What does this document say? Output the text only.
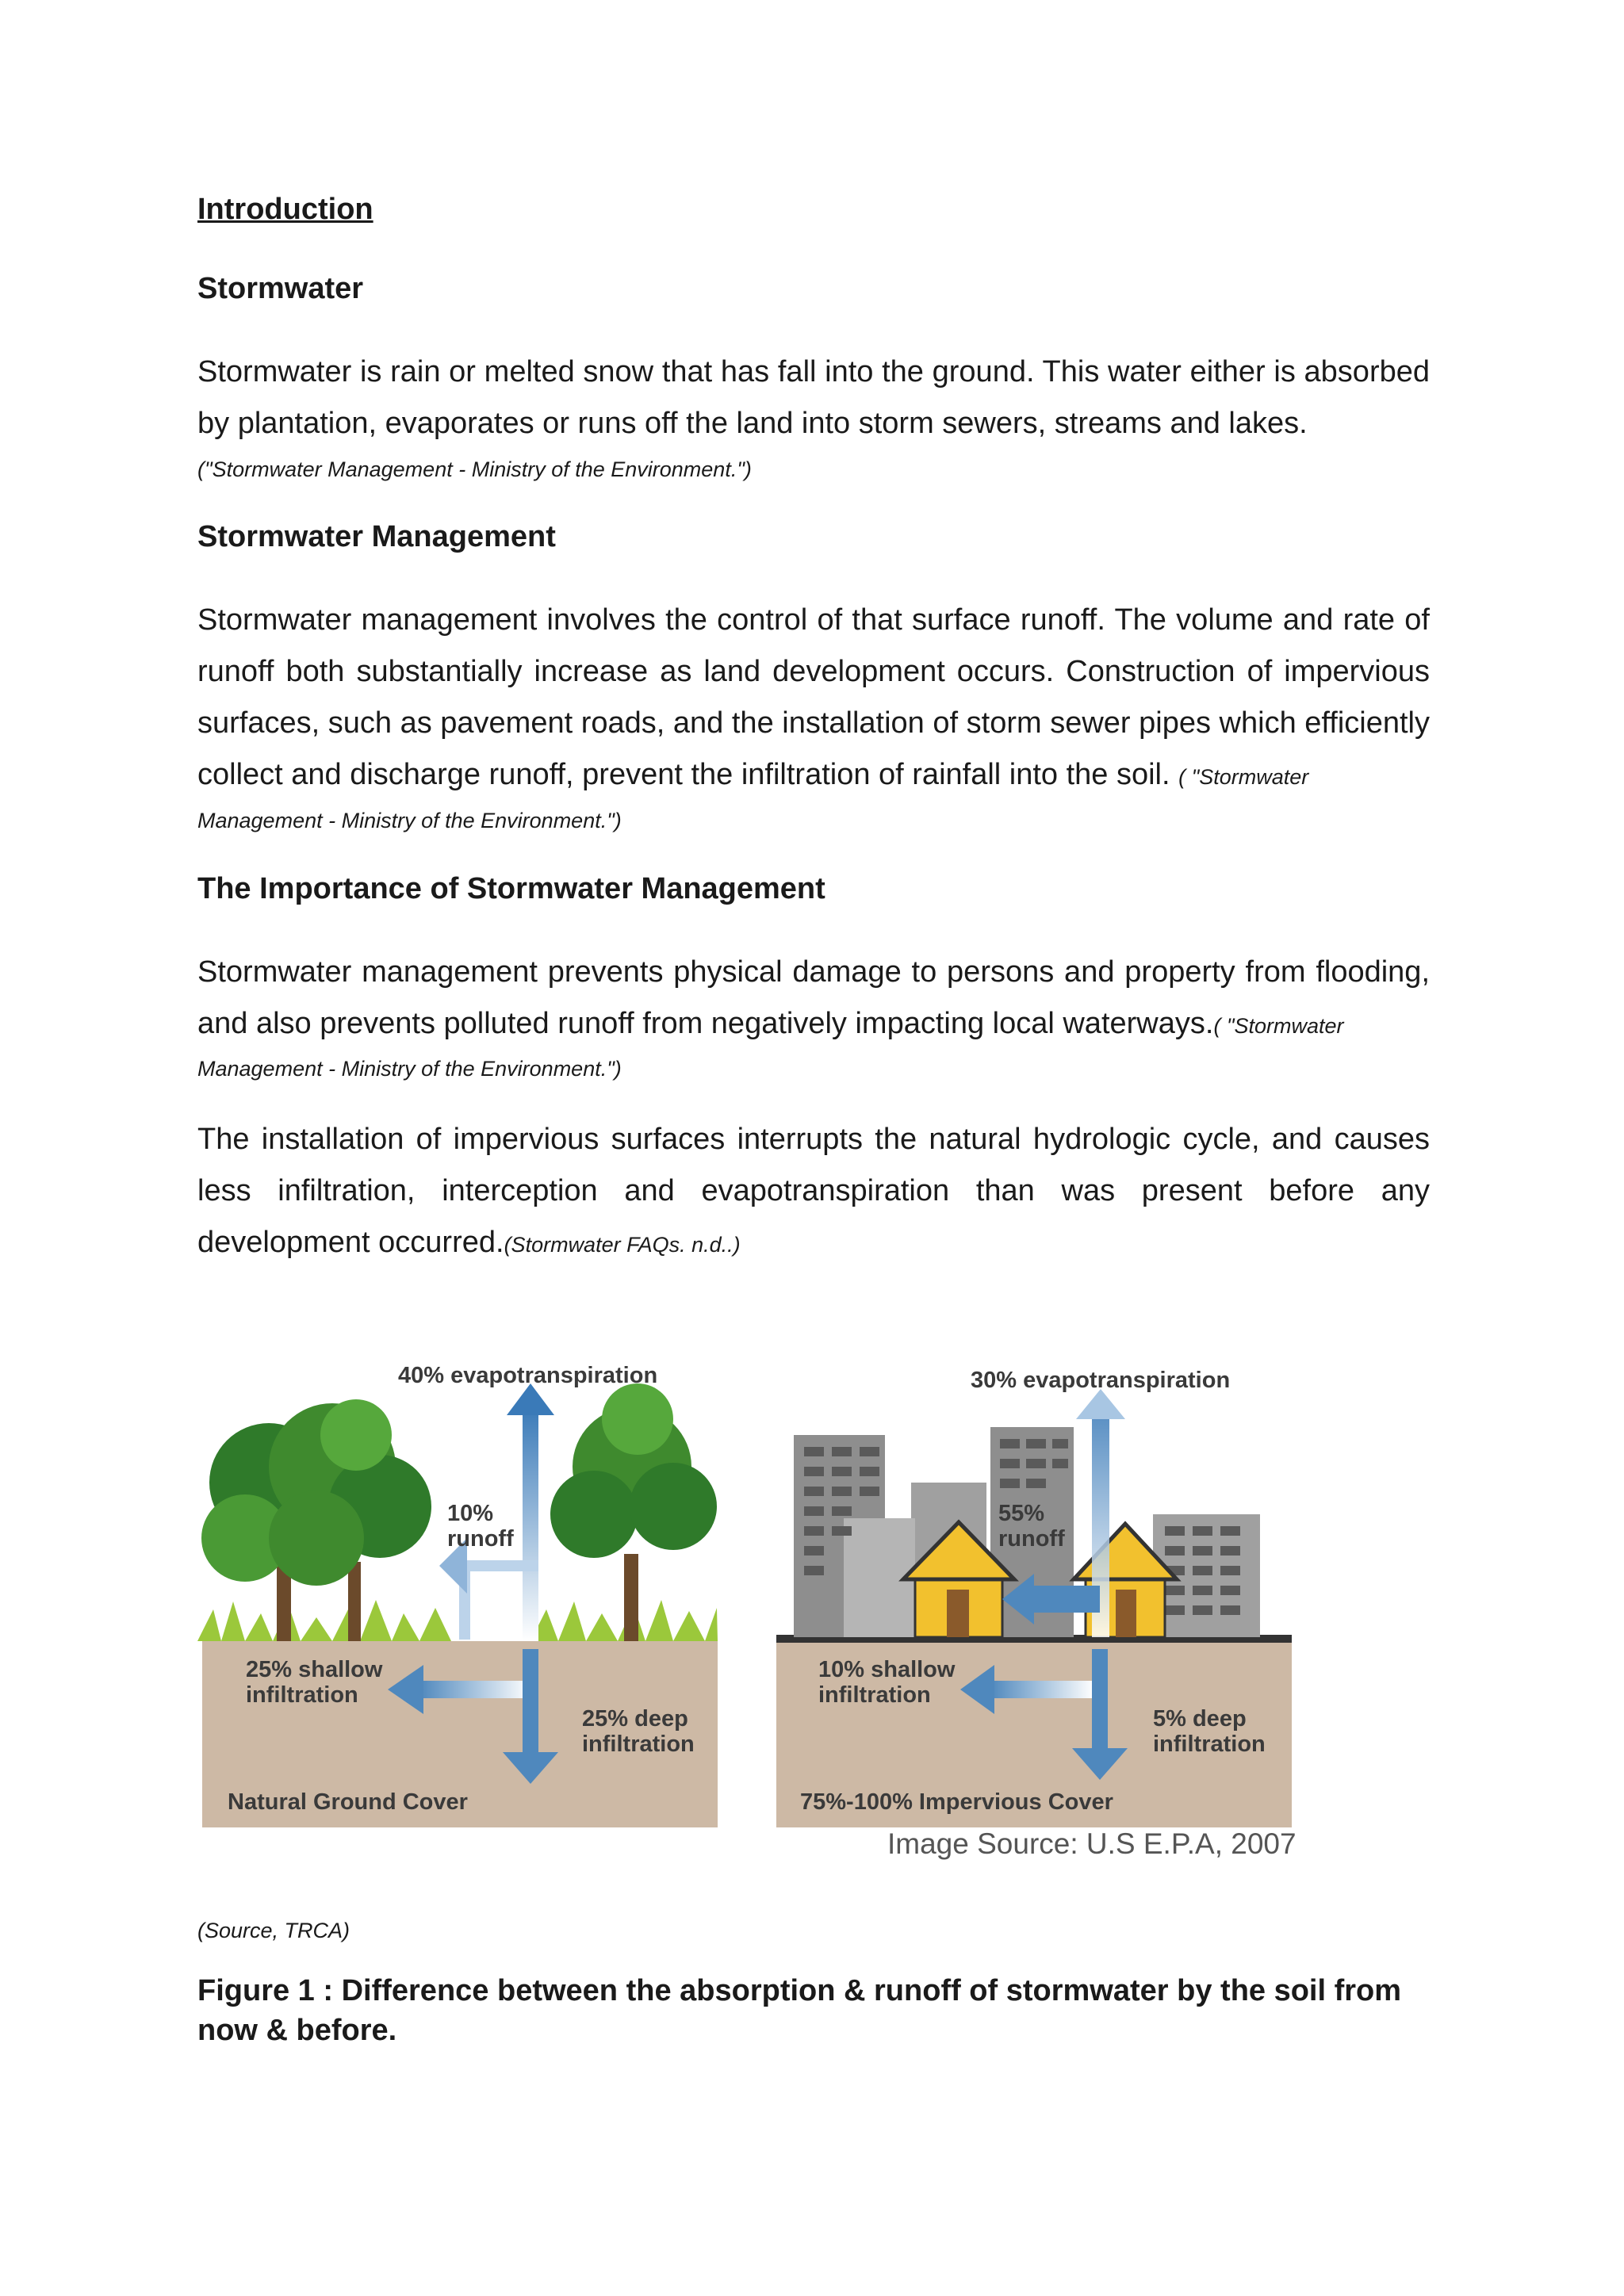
Introduction
Stormwater
Stormwater is rain or melted snow that has fall into the ground. This water either is absorbed by plantation, evaporates or runs off the land into storm sewers, streams and lakes.
("Stormwater Management - Ministry of the Environment.")
Stormwater Management
Stormwater management involves the control of that surface runoff. The volume and rate of runoff both substantially increase as land development occurs. Construction of impervious surfaces, such as pavement roads, and the installation of storm sewer pipes which efficiently collect and discharge runoff, prevent the infiltration of rainfall into the soil. ( "Stormwater
Management - Ministry of the Environment.")
The Importance of Stormwater Management
Stormwater management prevents physical damage to persons and property from flooding, and also prevents polluted runoff from negatively impacting local waterways.( "Stormwater
Management - Ministry of the Environment.")
The installation of impervious surfaces interrupts the natural hydrologic cycle, and causes less infiltration, interception and evapotranspiration than was present before any development occurred.(Stormwater FAQs. n.d..)
40% evapotranspiration
10%
runoff
25% shallow
infiltration
25% deep
infiltration
Natural Ground Cover
30% evapotranspiration
55%
runoff
10% shallow
infiltration
5% deep
infiltration
75%-100% Impervious Cover
Image Source: U.S E.P.A, 2007
(Source, TRCA)
Figure 1 : Difference between the absorption & runoff of stormwater by the soil from now & before.
